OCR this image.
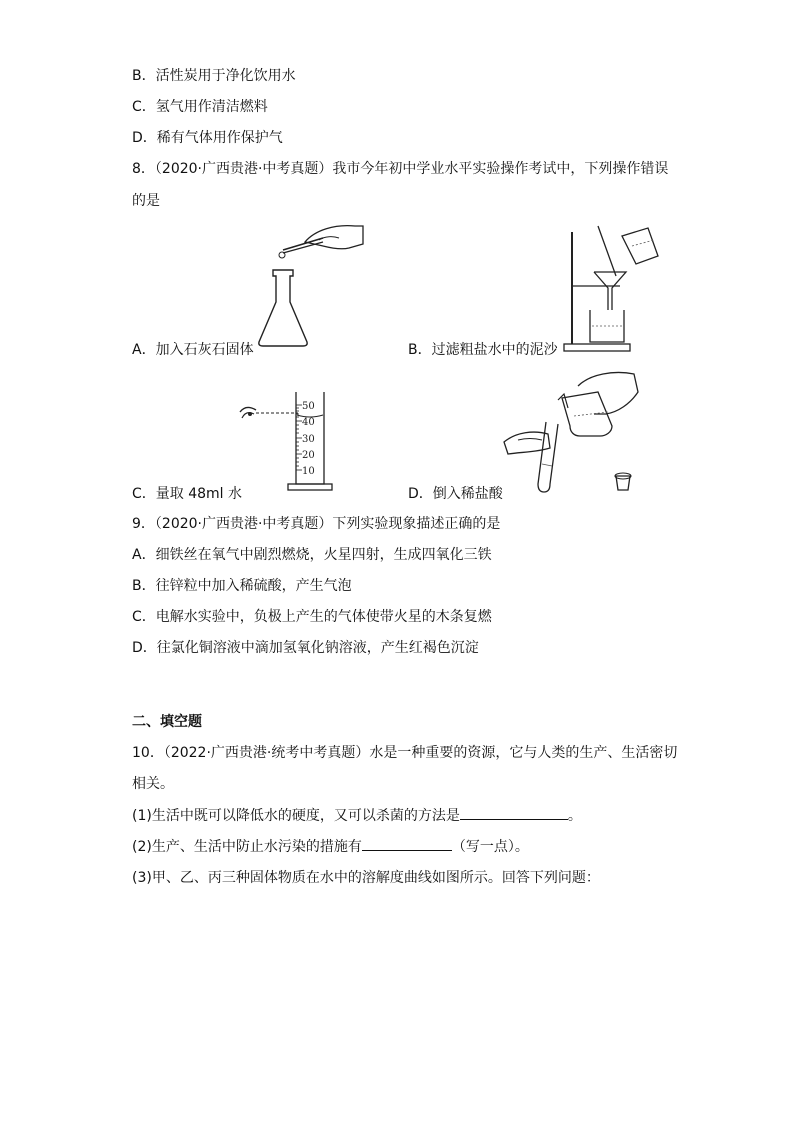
B．活性炭用于净化饮用水
C．氢气用作清洁燃料
D．稀有气体用作保护气
8．（2020·广西贵港·中考真题）我市今年初中学业水平实验操作考试中，下列操作错误
的是
A．加入石灰石固体	B．过滤粗盐水中的泥沙
50
40
30
20
10
C．量取 48ml 水	D．倒入稀盐酸
9．（2020·广西贵港·中考真题）下列实验现象描述正确的是
A．细铁丝在氧气中剧烈燃烧，火星四射，生成四氧化三铁
B．往锌粒中加入稀硫酸，产生气泡
C．电解水实验中，负极上产生的气体使带火星的木条复燃
D．往氯化铜溶液中滴加氢氧化钠溶液，产生红褐色沉淀
二、填空题
10．（2022·广西贵港·统考中考真题）水是一种重要的资源，它与人类的生产、生活密切
相关。
(1)生活中既可以降低水的硬度，又可以杀菌的方法是	。
(2)生产、生活中防止水污染的措施有	（写一点）。
(3)甲、乙、丙三种固体物质在水中的溶解度曲线如图所示。回答下列问题：
